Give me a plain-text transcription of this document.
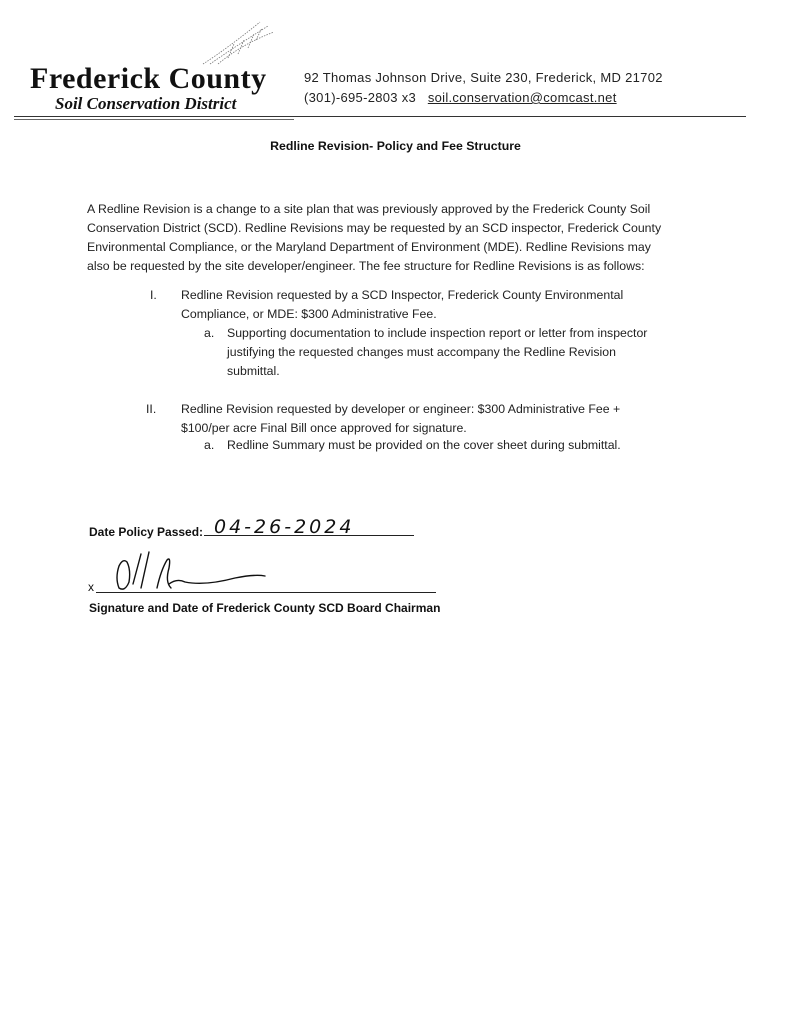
Frederick County
Soil Conservation District
92 Thomas Johnson Drive, Suite 230, Frederick, MD 21702
(301)-695-2803 x3 soil.conservation@comcast.net
Redline Revision- Policy and Fee Structure
A Redline Revision is a change to a site plan that was previously approved by the Frederick County Soil
Conservation District (SCD). Redline Revisions may be requested by an SCD inspector, Frederick County
Environmental Compliance, or the Maryland Department of Environment (MDE). Redline Revisions may
also be requested by the site developer/engineer. The fee structure for Redline Revisions is as follows:
I.	Redline Revision requested by a SCD Inspector, Frederick County Environmental
Compliance, or MDE: $300 Administrative Fee.
a.	Supporting documentation to include inspection report or letter from inspector
justifying the requested changes must accompany the Redline Revision
submittal.
II.	Redline Revision requested by developer or engineer: $300 Administrative Fee +
$100/per acre Final Bill once approved for signature.
a.	Redline Summary must be provided on the cover sheet during submittal.
Date Policy Passed: 04-26-2024
x
Signature and Date of Frederick County SCD Board Chairman
